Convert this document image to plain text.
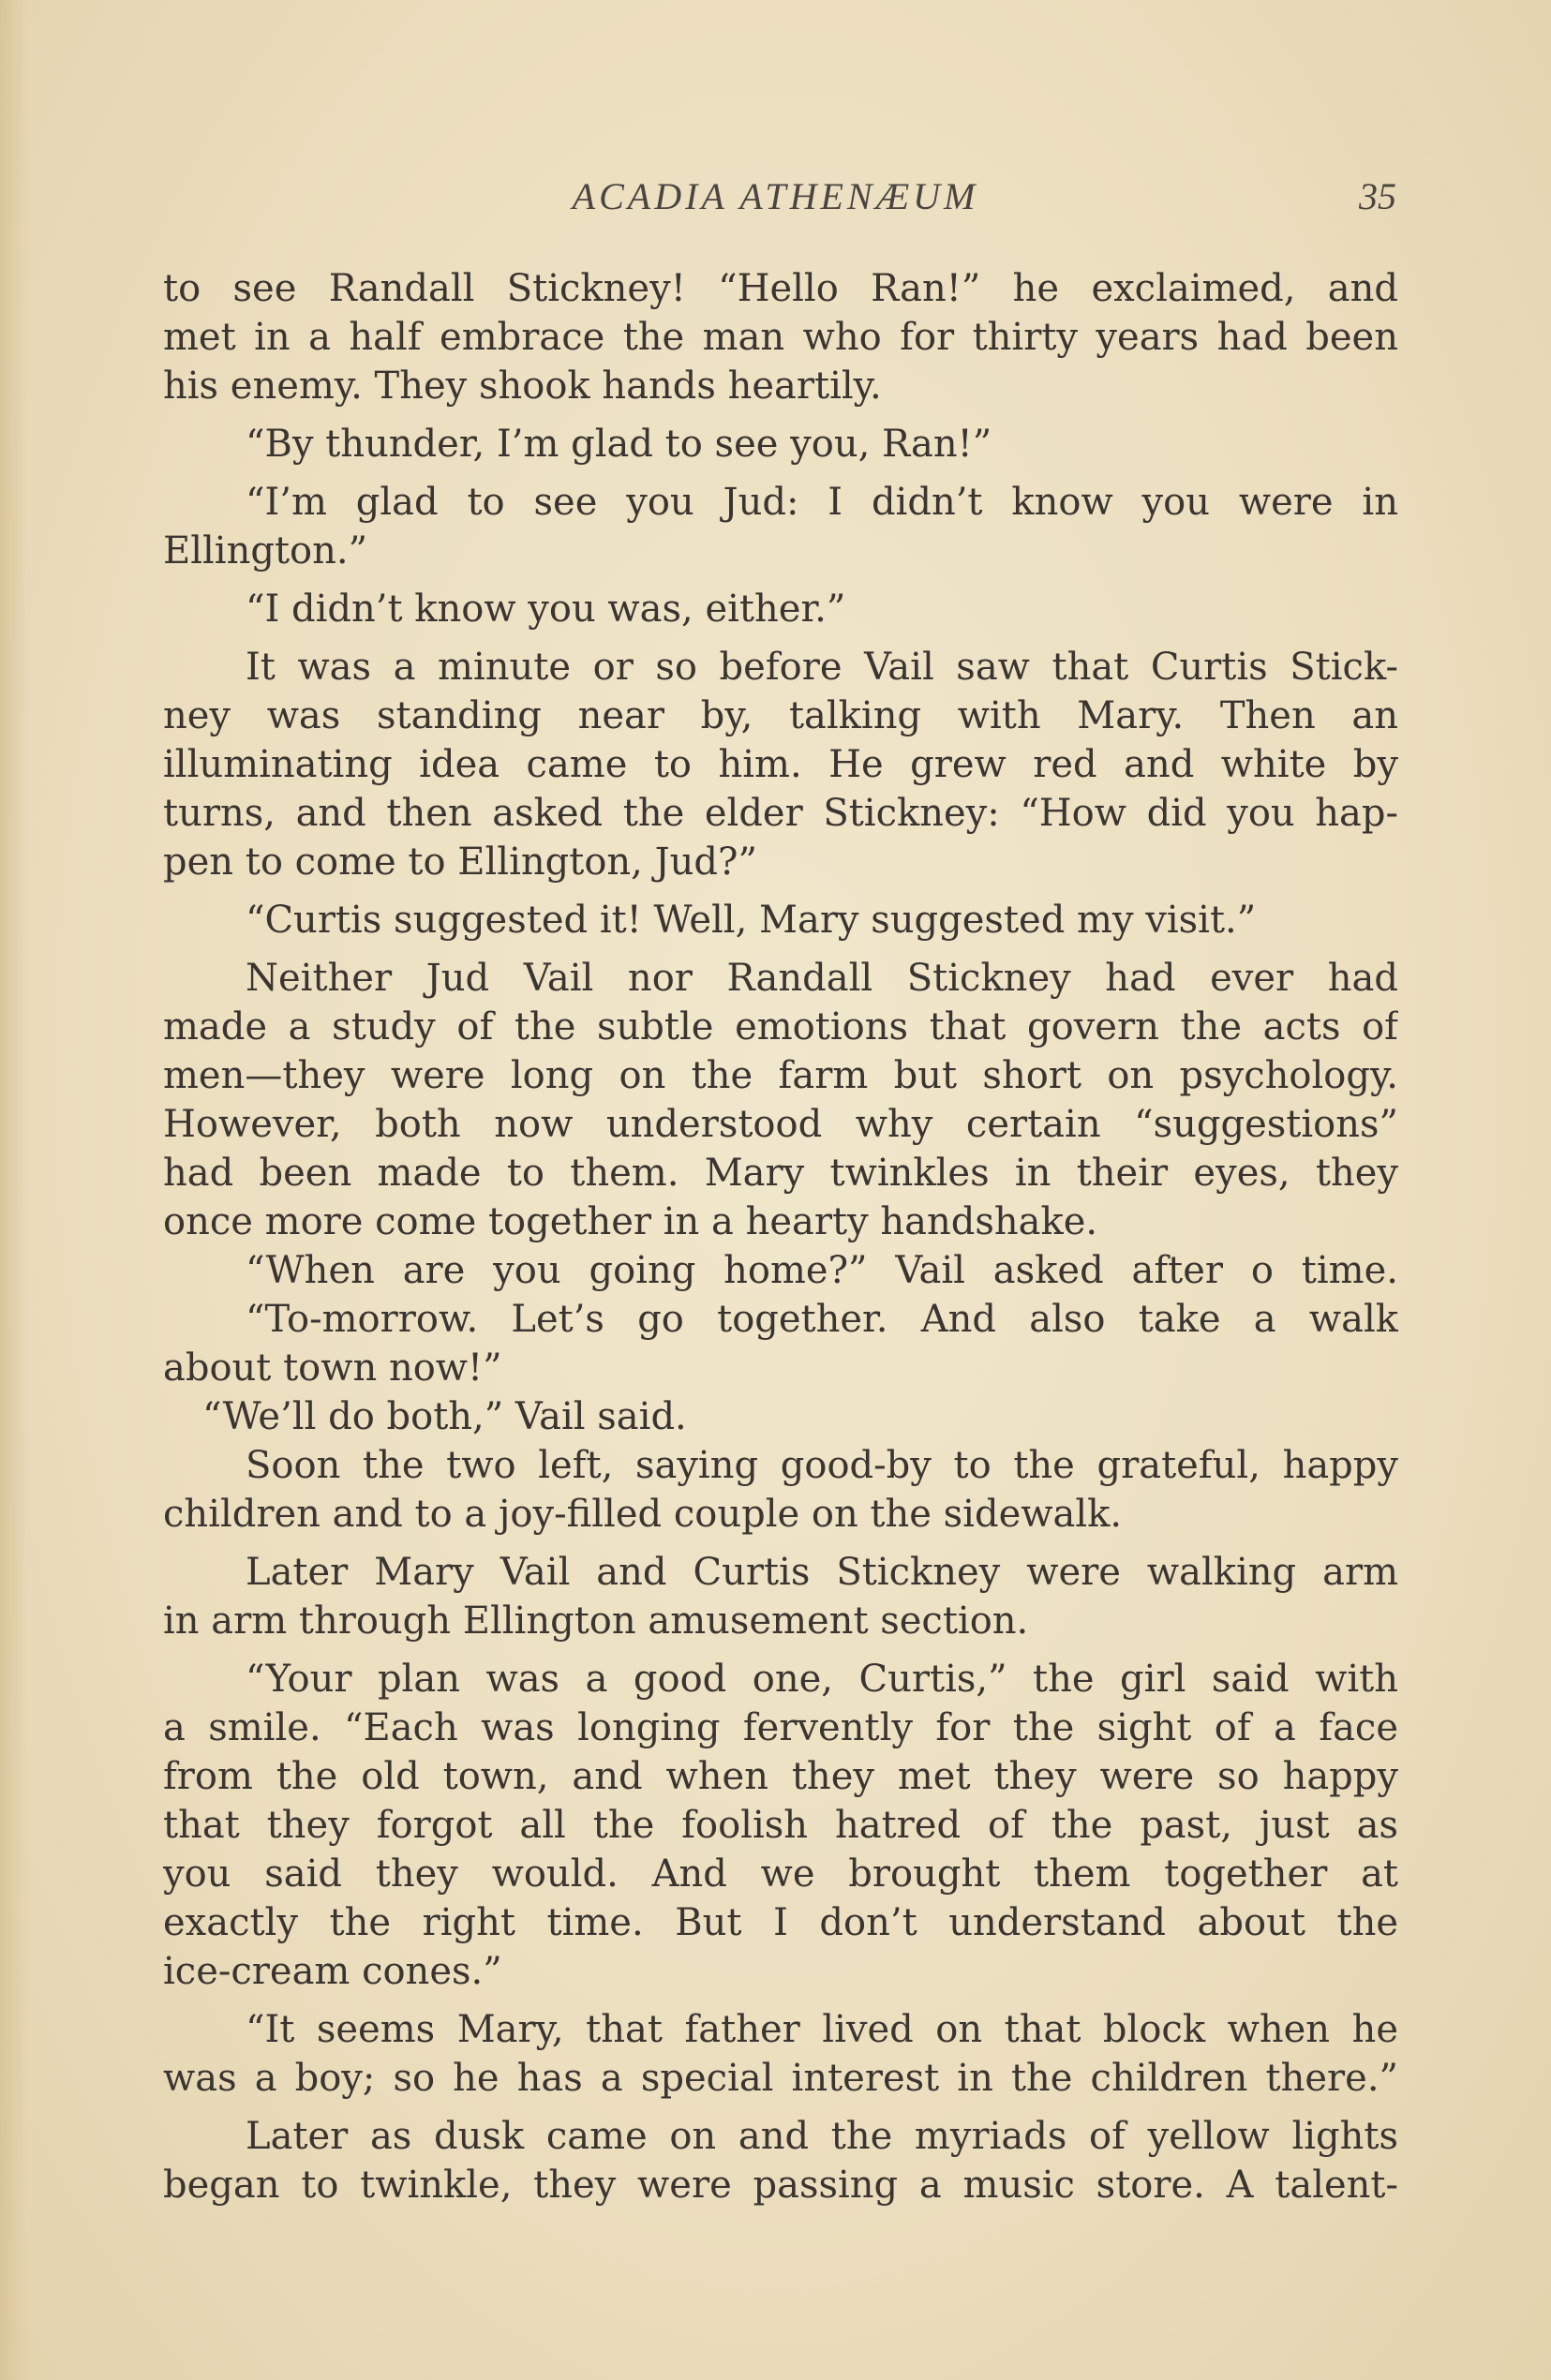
ACADIA ATHENÆUM	35
to see Randall Stickney! “Hello Ran!” he exclaimed, and
met in a half embrace the man who for thirty years had been
his enemy. They shook hands heartily.
“By thunder, I’m glad to see you, Ran!”
“I’m glad to see you Jud: I didn’t know you were in
Ellington.”
“I didn’t know you was, either.”
It was a minute or so before Vail saw that Curtis Stick-
ney was standing near by, talking with Mary. Then an
illuminating idea came to him. He grew red and white by
turns, and then asked the elder Stickney: “How did you hap-
pen to come to Ellington, Jud?”
“Curtis suggested it! Well, Mary suggested my visit.”
Neither Jud Vail nor Randall Stickney had ever had
made a study of the subtle emotions that govern the acts of
men—they were long on the farm but short on psychology.
However, both now understood why certain “suggestions”
had been made to them. Mary twinkles in their eyes, they
once more come together in a hearty handshake.
“When are you going home?” Vail asked after o time.
“To-morrow. Let’s go together. And also take a walk
about town now!”
“We’ll do both,” Vail said.
Soon the two left, saying good-by to the grateful, happy
children and to a joy-filled couple on the sidewalk.
Later Mary Vail and Curtis Stickney were walking arm
in arm through Ellington amusement section.
“Your plan was a good one, Curtis,” the girl said with
a smile. “Each was longing fervently for the sight of a face
from the old town, and when they met they were so happy
that they forgot all the foolish hatred of the past, just as
you said they would. And we brought them together at
exactly the right time. But I don’t understand about the
ice-cream cones.”
“It seems Mary, that father lived on that block when he
was a boy; so he has a special interest in the children there.”
Later as dusk came on and the myriads of yellow lights
began to twinkle, they were passing a music store. A talent-
